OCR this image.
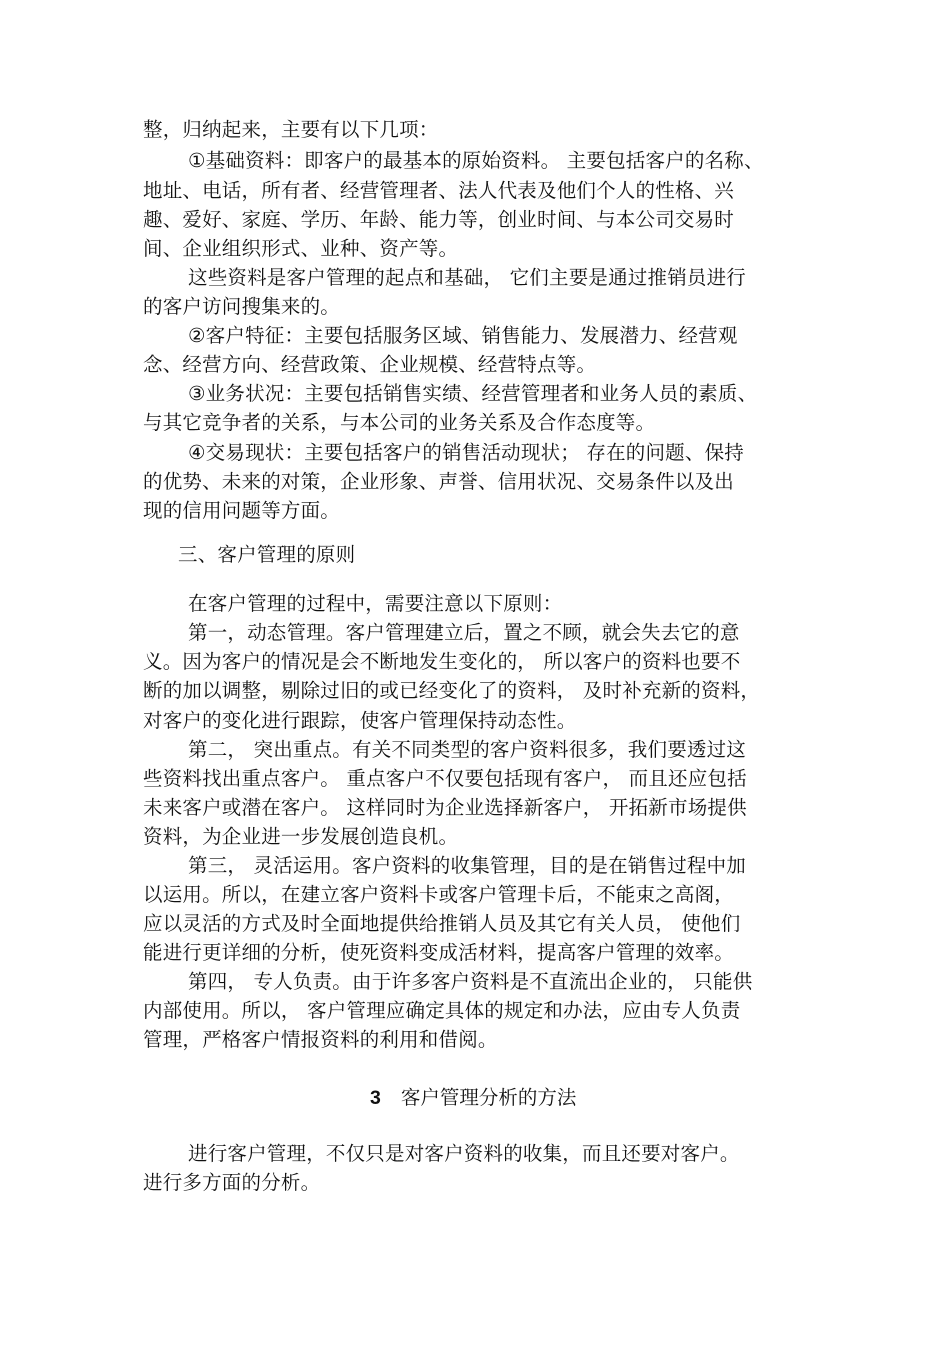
整，归纳起来，主要有以下几项：
①基础资料：即客户的最基本的原始资料。 主要包括客户的名称、
地址、电话，所有者、经营管理者、法人代表及他们个人的性格、兴
趣、爱好、家庭、学历、年龄、能力等，创业时间、与本公司交易时
间、企业组织形式、业种、资产等。
这些资料是客户管理的起点和基础， 它们主要是通过推销员进行
的客户访问搜集来的。
②客户特征：主要包括服务区域、销售能力、发展潜力、经营观
念、经营方向、经营政策、企业规模、经营特点等。
③业务状况：主要包括销售实绩、经营管理者和业务人员的素质、
与其它竞争者的关系，与本公司的业务关系及合作态度等。
④交易现状：主要包括客户的销售活动现状； 存在的问题、保持
的优势、未来的对策，企业形象、声誉、信用状况、交易条件以及出
现的信用问题等方面。
三、客户管理的原则
在客户管理的过程中，需要注意以下原则：
第一，动态管理。客户管理建立后，置之不顾，就会失去它的意
义。因为客户的情况是会不断地发生变化的， 所以客户的资料也要不
断的加以调整，剔除过旧的或已经变化了的资料， 及时补充新的资料，
对客户的变化进行跟踪，使客户管理保持动态性。
第二， 突出重点。有关不同类型的客户资料很多，我们要透过这
些资料找出重点客户。 重点客户不仅要包括现有客户， 而且还应包括
未来客户或潜在客户。 这样同时为企业选择新客户， 开拓新市场提供
资料，为企业进一步发展创造良机。
第三， 灵活运用。客户资料的收集管理，目的是在销售过程中加
以运用。所以，在建立客户资料卡或客户管理卡后，不能束之高阁，
应以灵活的方式及时全面地提供给推销人员及其它有关人员， 使他们
能进行更详细的分析，使死资料变成活材料，提高客户管理的效率。
第四， 专人负责。由于许多客户资料是不直流出企业的， 只能供
内部使用。所以， 客户管理应确定具体的规定和办法，应由专人负责
管理，严格客户情报资料的利用和借阅。
3 客户管理分析的方法
进行客户管理，不仅只是对客户资料的收集，而且还要对客户。
进行多方面的分析。
